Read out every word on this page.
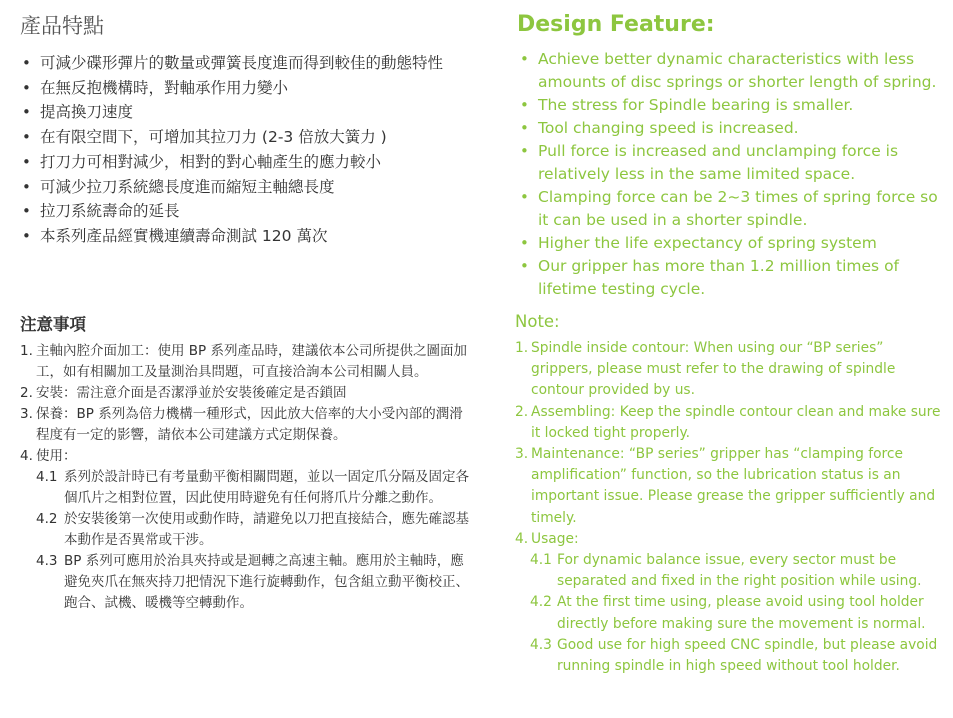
產品特點
• 可減少碟形彈片的數量或彈簧長度進而得到較佳的動態特性
• 在無反抱機構時，對軸承作用力變小
• 提高換刀速度
• 在有限空間下，可增加其拉刀力 (2-3 倍放大簧力 )
• 打刀力可相對減少，相對的對心軸產生的應力較小
• 可減少拉刀系統總長度進而縮短主軸總長度
• 拉刀系統壽命的延長
• 本系列產品經實機連續壽命測試 120 萬次
注意事項
1. 主軸內腔介面加工：使用 BP 系列產品時，建議依本公司所提供之圖面加工，如有相關加工及量測治具問題，可直接洽詢本公司相關人員。
2. 安裝：需注意介面是否潔淨並於安裝後確定是否鎖固
3. 保養：BP 系列為倍力機構一種形式，因此放大倍率的大小受內部的潤滑程度有一定的影響，請依本公司建議方式定期保養。
4. 使用：
4.1 系列於設計時已有考量動平衡相關問題，並以一固定爪分隔及固定各個爪片之相對位置，因此使用時避免有任何將爪片分離之動作。
4.2 於安裝後第一次使用或動作時，請避免以刀把直接結合，應先確認基本動作是否異常或干涉。
4.3 BP 系列可應用於治具夾持或是迴轉之高速主軸。應用於主軸時，應避免夾爪在無夾持刀把情況下進行旋轉動作，包含組立動平衡校正、跑合、試機、暖機等空轉動作。
Design Feature:
• Achieve better dynamic characteristics with less amounts of disc springs or shorter length of spring.
• The stress for Spindle bearing is smaller.
• Tool changing speed is increased.
• Pull force is increased and unclamping force is relatively less in the same limited space.
• Clamping force can be 2~3 times of spring force so it can be used in a shorter spindle.
• Higher the life expectancy of spring system
• Our gripper has more than 1.2 million times of lifetime testing cycle.
Note:
1. Spindle inside contour: When using our “BP series” grippers, please must refer to the drawing of spindle contour provided by us.
2. Assembling: Keep the spindle contour clean and make sure it locked tight properly.
3. Maintenance: “BP series” gripper has “clamping force amplification” function, so the lubrication status is an important issue. Please grease the gripper sufficiently and timely.
4. Usage:
4.1 For dynamic balance issue, every sector must be separated and fixed in the right position while using.
4.2 At the first time using, please avoid using tool holder directly before making sure the movement is normal.
4.3 Good use for high speed CNC spindle, but please avoid running spindle in high speed without tool holder.
